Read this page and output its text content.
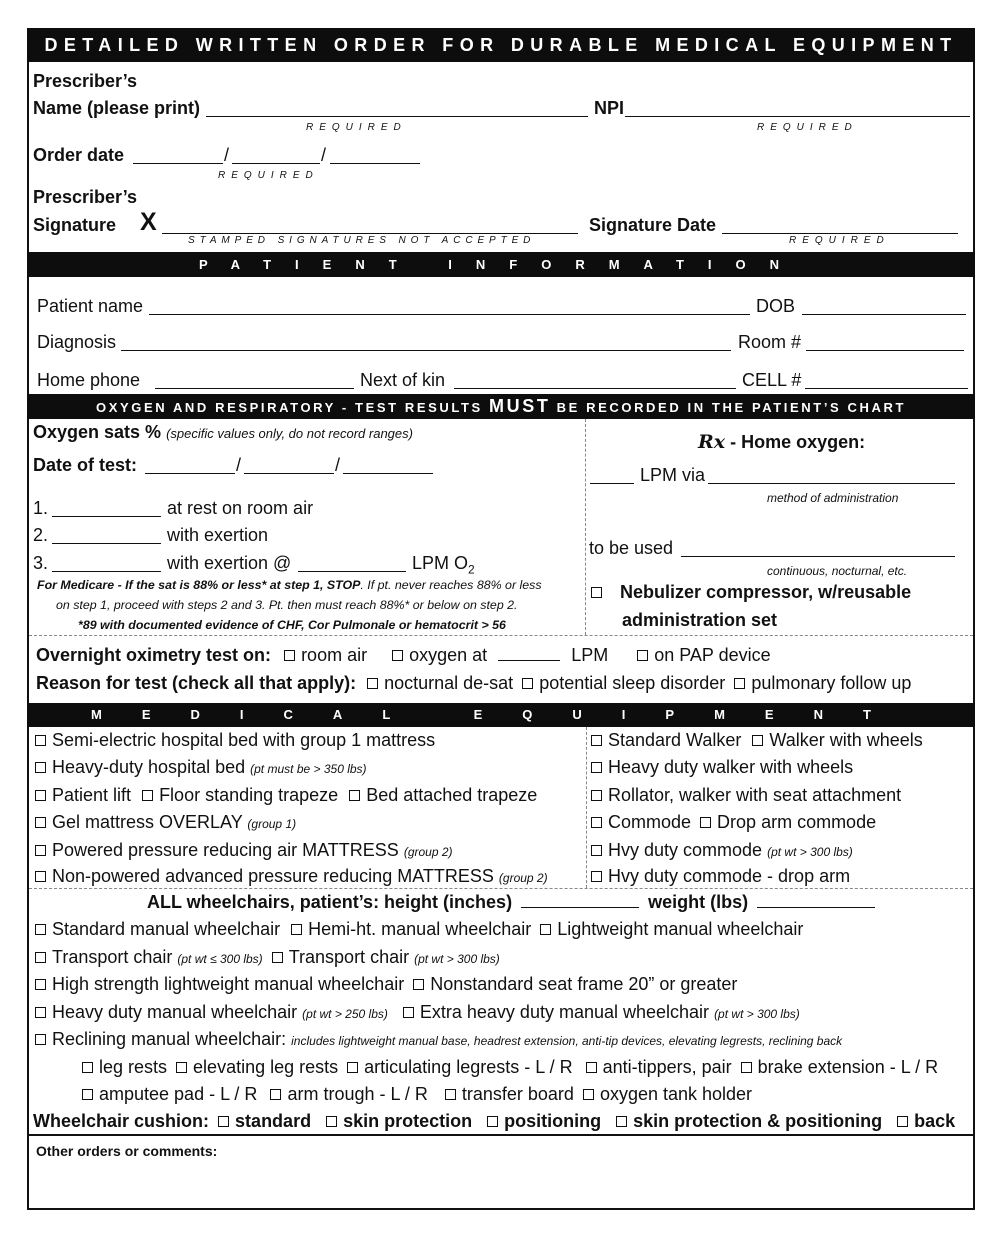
DETAILED WRITTEN ORDER FOR DURABLE MEDICAL EQUIPMENT
Prescriber’s
Name (please print)
REQUIRED
NPI
REQUIRED
Order date	/	/
REQUIRED
Prescriber’s
Signature X
STAMPED SIGNATURES NOT ACCEPTED
Signature Date
REQUIRED
PATIENT INFORMATION
Patient name	DOB
Diagnosis	Room #
Home phone	Next of kin	CELL #
OXYGEN AND RESPIRATORY - TEST RESULTS MUST BE RECORDED IN THE PATIENT’S CHART
Oxygen sats % (specific values only, do not record ranges)
Date of test:	/	/
1.	at rest on room air
2.	with exertion
3.	with exertion @	LPM $O_2$
For Medicare - If the sat is 88% or less* at step 1, STOP. If pt. never reaches 88% or less
on step 1, proceed with steps 2 and 3. Pt. then must reach 88%* or below on step 2.
*89 with documented evidence of CHF, Cor Pulmonale or hematocrit > 56
Rx - Home oxygen:
LPM via
method of administration
to be used
continuous, nocturnal, etc.
Nebulizer compressor, w/reusable
administration set
Overnight oximetry test on: room air oxygen at	LPM	on PAP device
Reason for test (check all that apply): nocturnal de-sat potential sleep disorder pulmonary follow up
MEDICAL EQUIPMENT
Semi-electric hospital bed with group 1 mattress
Heavy-duty hospital bed (pt must be > 350 lbs)
Patient lift Floor standing trapeze Bed attached trapeze
Gel mattress OVERLAY (group 1)
Powered pressure reducing air MATTRESS (group 2)
Non-powered advanced pressure reducing MATTRESS (group 2)
Standard Walker Walker with wheels
Heavy duty walker with wheels
Rollator, walker with seat attachment
Commode Drop arm commode
Hvy duty commode (pt wt > 300 lbs)
Hvy duty commode - drop arm
ALL wheelchairs, patient’s: height (inches)	weight (lbs)
Standard manual wheelchair Hemi-ht. manual wheelchair Lightweight manual wheelchair
Transport chair (pt wt ≤ 300 lbs) Transport chair (pt wt > 300 lbs)
High strength lightweight manual wheelchair Nonstandard seat frame 20” or greater
Heavy duty manual wheelchair (pt wt > 250 lbs) Extra heavy duty manual wheelchair (pt wt > 300 lbs)
Reclining manual wheelchair: includes lightweight manual base, headrest extension, anti-tip devices, elevating legrests, reclining back
leg rests elevating leg rests articulating legrests - L / R anti-tippers, pair brake extension - L / R
amputee pad - L / R arm trough - L / R transfer board oxygen tank holder
Wheelchair cushion: standard skin protection positioning skin protection & positioning back
Other orders or comments:
